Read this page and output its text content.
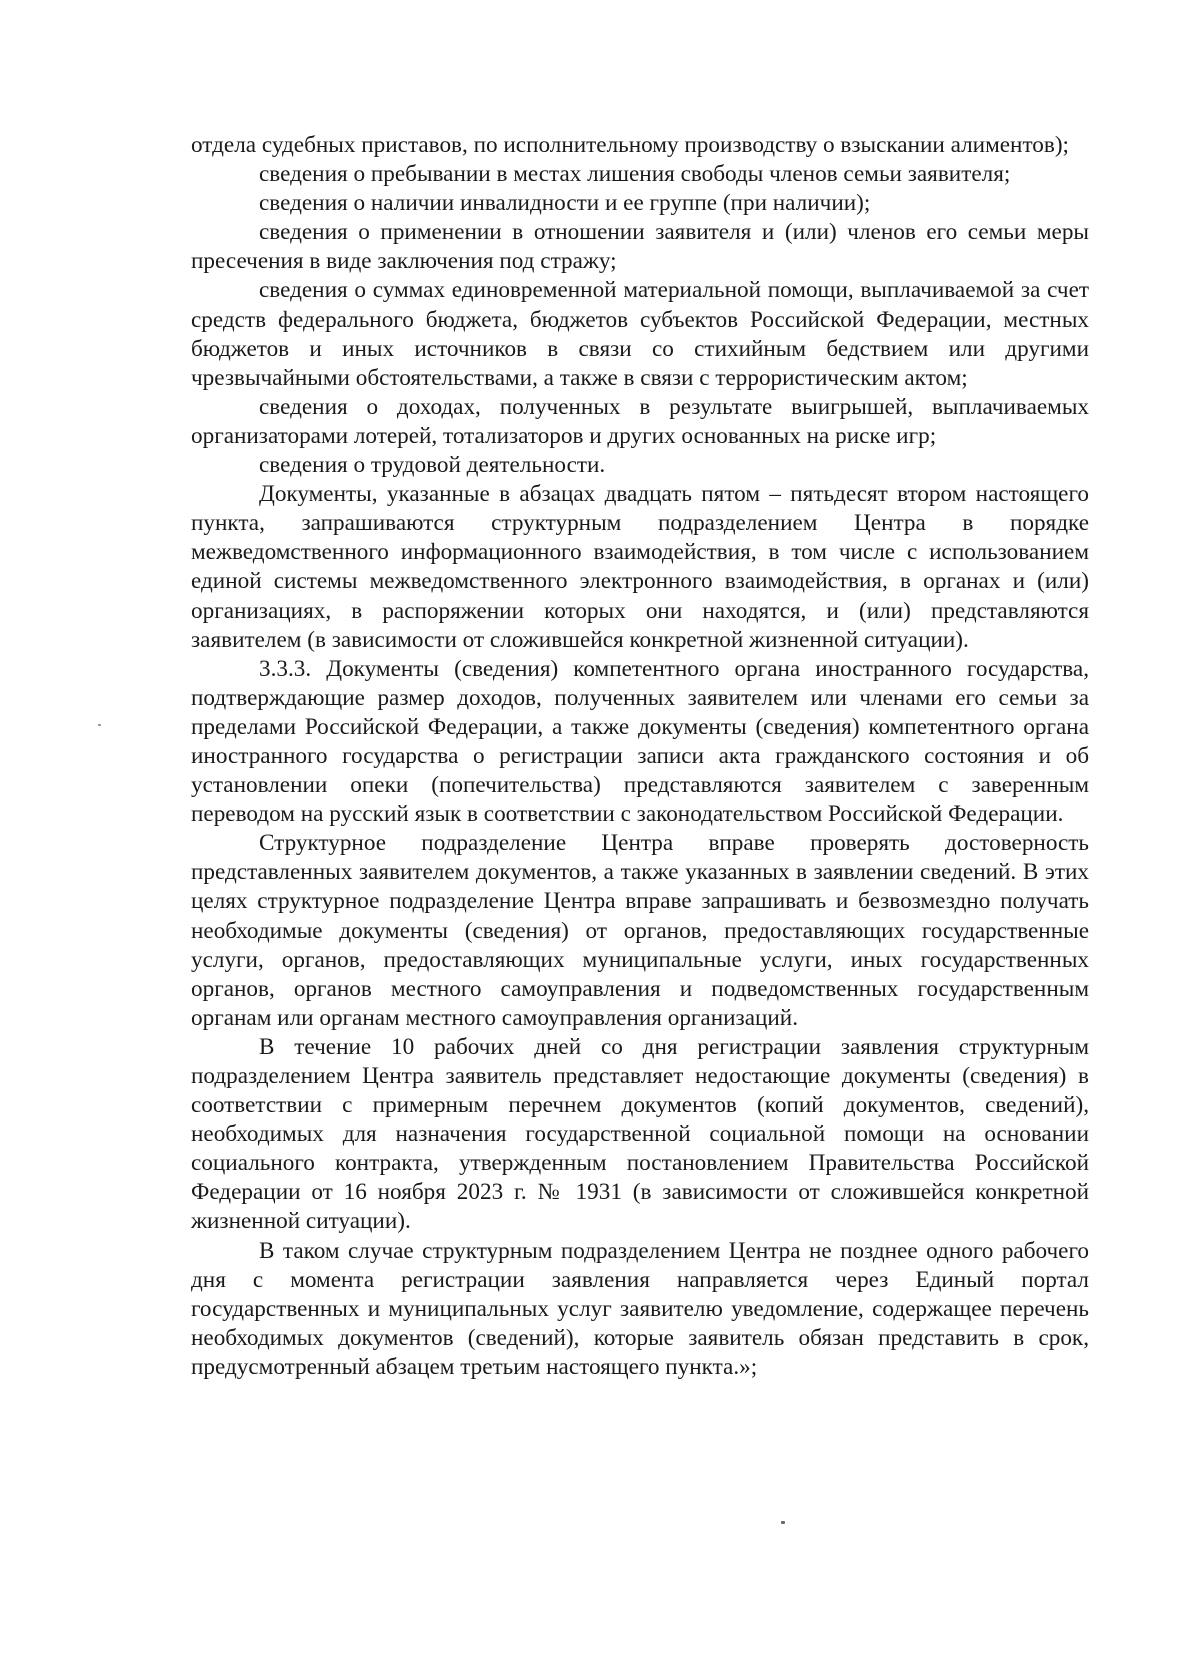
отдела судебных приставов, по исполнительному производству о взыскании алиментов);

сведения о пребывании в местах лишения свободы членов семьи заявителя;

сведения о наличии инвалидности и ее группе (при наличии);

сведения о применении в отношении заявителя и (или) членов его семьи меры пресечения в виде заключения под стражу;

сведения о суммах единовременной материальной помощи, выплачиваемой за счет средств федерального бюджета, бюджетов субъектов Российской Федерации, местных бюджетов и иных источников в связи со стихийным бедствием или другими чрезвычайными обстоятельствами, а также в связи с террористическим актом;

сведения о доходах, полученных в результате выигрышей, выплачиваемых организаторами лотерей, тотализаторов и других основанных на риске игр;

сведения о трудовой деятельности.

Документы, указанные в абзацах двадцать пятом – пятьдесят втором настоящего пункта, запрашиваются структурным подразделением Центра в порядке межведомственного информационного взаимодействия, в том числе с использованием единой системы межведомственного электронного взаимодействия, в органах и (или) организациях, в распоряжении которых они находятся, и (или) представляются заявителем (в зависимости от сложившейся конкретной жизненной ситуации).

3.3.3. Документы (сведения) компетентного органа иностранного государства, подтверждающие размер доходов, полученных заявителем или членами его семьи за пределами Российской Федерации, а также документы (сведения) компетентного органа иностранного государства о регистрации записи акта гражданского состояния и об установлении опеки (попечительства) представляются заявителем с заверенным переводом на русский язык в соответствии с законодательством Российской Федерации.

Структурное подразделение Центра вправе проверять достоверность представленных заявителем документов, а также указанных в заявлении сведений. В этих целях структурное подразделение Центра вправе запрашивать и безвозмездно получать необходимые документы (сведения) от органов, предоставляющих государственные услуги, органов, предоставляющих муниципальные услуги, иных государственных органов, органов местного самоуправления и подведомственных государственным органам или органам местного самоуправления организаций.

В течение 10 рабочих дней со дня регистрации заявления структурным подразделением Центра заявитель представляет недостающие документы (сведения) в соответствии с примерным перечнем документов (копий документов, сведений), необходимых для назначения государственной социальной помощи на основании социального контракта, утвержденным постановлением Правительства Российской Федерации от 16 ноября 2023 г. № 1931 (в зависимости от сложившейся конкретной жизненной ситуации).

В таком случае структурным подразделением Центра не позднее одного рабочего дня с момента регистрации заявления направляется через Единый портал государственных и муниципальных услуг заявителю уведомление, содержащее перечень необходимых документов (сведений), которые заявитель обязан представить в срок, предусмотренный абзацем третьим настоящего пункта.»;
